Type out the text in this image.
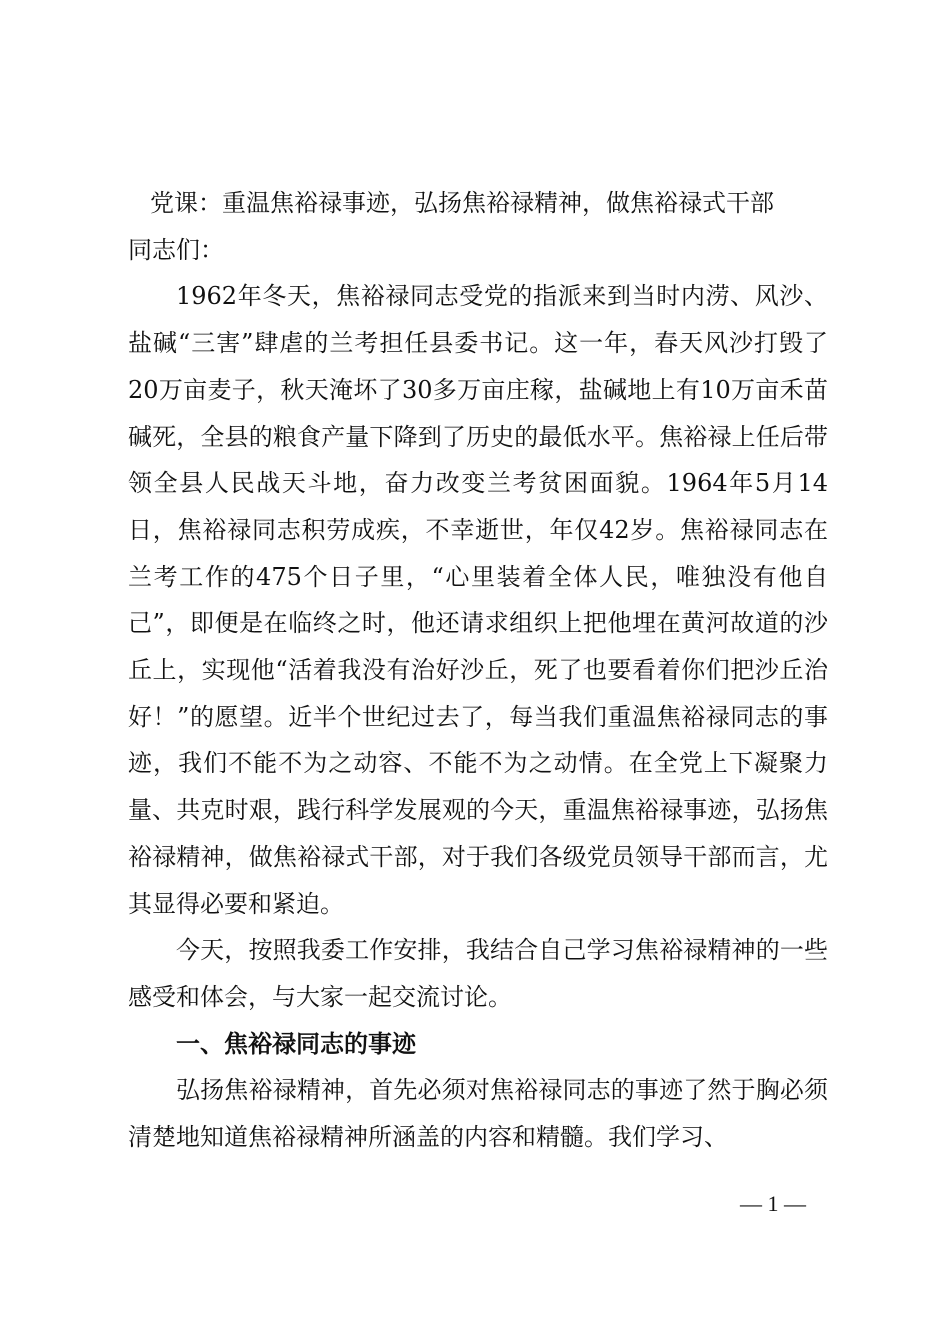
党课：重温焦裕禄事迹，弘扬焦裕禄精神，做焦裕禄式干部

同志们：

1962年冬天，焦裕禄同志受党的指派来到当时内涝、风沙、盐碱“三害”肆虐的兰考担任县委书记。这一年，春天风沙打毁了20万亩麦子，秋天淹坏了30多万亩庄稼，盐碱地上有10万亩禾苗碱死，全县的粮食产量下降到了历史的最低水平。焦裕禄上任后带领全县人民战天斗地，奋力改变兰考贫困面貌。1964年5月14日，焦裕禄同志积劳成疾，不幸逝世，年仅42岁。焦裕禄同志在兰考工作的475个日子里，“心里装着全体人民，唯独没有他自己”，即便是在临终之时，他还请求组织上把他埋在黄河故道的沙丘上，实现他“活着我没有治好沙丘，死了也要看着你们把沙丘治好！”的愿望。近半个世纪过去了，每当我们重温焦裕禄同志的事迹，我们不能不为之动容、不能不为之动情。在全党上下凝聚力量、共克时艰，践行科学发展观的今天，重温焦裕禄事迹，弘扬焦裕禄精神，做焦裕禄式干部，对于我们各级党员领导干部而言，尤其显得必要和紧迫。

今天，按照我委工作安排，我结合自己学习焦裕禄精神的一些感受和体会，与大家一起交流讨论。

一、焦裕禄同志的事迹

弘扬焦裕禄精神，首先必须对焦裕禄同志的事迹了然于胸必须清楚地知道焦裕禄精神所涵盖的内容和精髓。我们学习、

— 1 —
